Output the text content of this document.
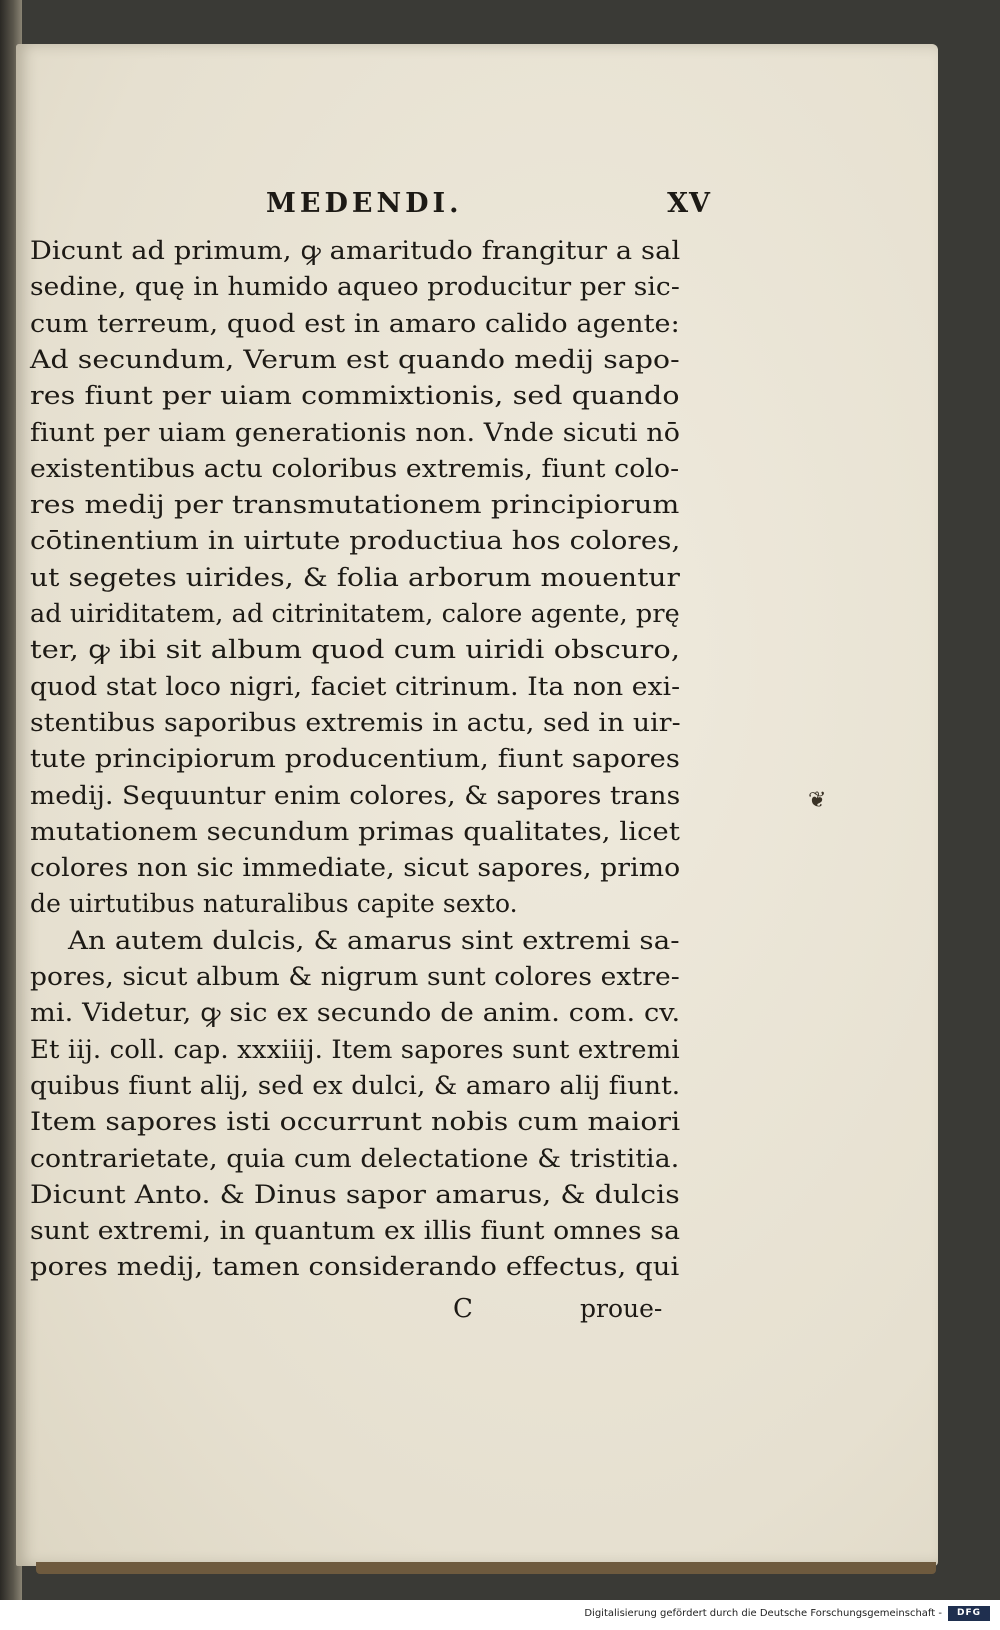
MEDENDI.	XV
Dicunt ad primum, ꝙ amaritudo frangitur a sal
sedine, quę in humido aqueo producitur per sic-
cum terreum, quod est in amaro calido agente:
Ad secundum, Verum est quando medij sapo-
res fiunt per uiam commixtionis, sed quando
fiunt per uiam generationis non. Vnde sicuti nō
existentibus actu coloribus extremis, fiunt colo-
res medij per transmutationem principiorum
cōtinentium in uirtute productiua hos colores,
ut segetes uirides, & folia arborum mouentur
ad uiriditatem, ad citrinitatem, calore agente, prę
ter, ꝙ ibi sit album quod cum uiridi obscuro,
quod stat loco nigri, faciet citrinum. Ita non exi-
stentibus saporibus extremis in actu, sed in uir-
tute principiorum producentium, fiunt sapores
medij. Sequuntur enim colores, & sapores trans
mutationem secundum primas qualitates, licet
colores non sic immediate, sicut sapores, primo
de uirtutibus naturalibus capite sexto.
An autem dulcis, & amarus sint extremi sa-
pores, sicut album & nigrum sunt colores extre-
mi. Videtur, ꝙ sic ex secundo de anim. com. cv.
Et iij. coll. cap. xxxiiij. Item sapores sunt extremi
quibus fiunt alij, sed ex dulci, & amaro alij fiunt.
Item sapores isti occurrunt nobis cum maiori
contrarietate, quia cum delectatione & tristitia.
Dicunt Anto. & Dinus sapor amarus, & dulcis
sunt extremi, in quantum ex illis fiunt omnes sa
pores medij, tamen considerando effectus, qui
❦
C	proue-
Digitalisierung gefördert durch die Deutsche Forschungsgemeinschaft -	DFG
